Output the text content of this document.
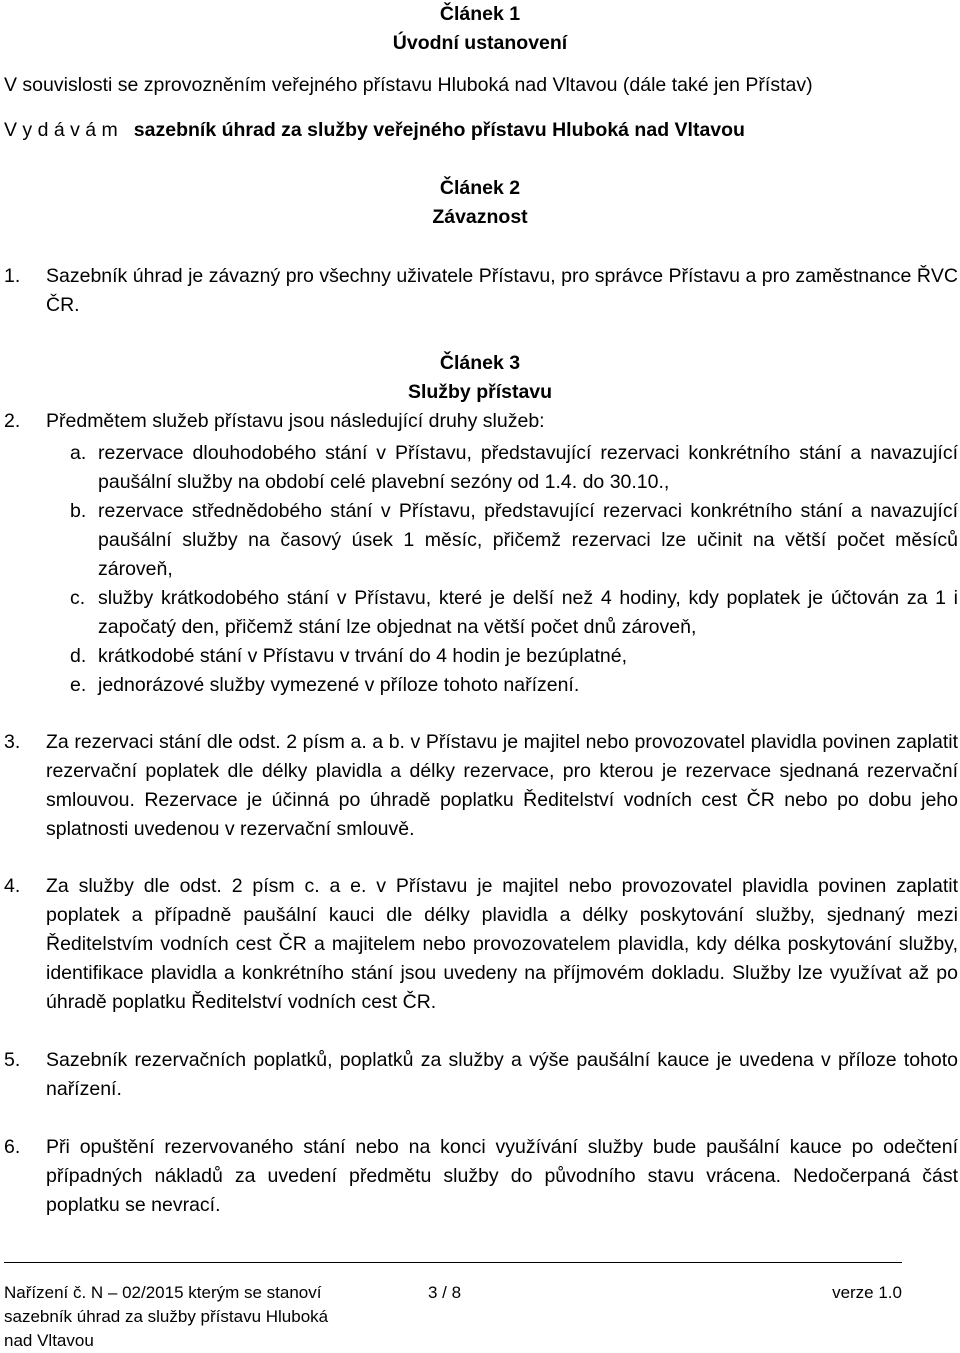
Článek 1

Úvodní ustanovení

V souvislosti se zprovozněním veřejného přístavu Hluboká nad Vltavou (dále také jen Přístav)

V y d á v á m sazebník úhrad za služby veřejného přístavu Hluboká nad Vltavou

Článek 2

Závaznost

1.	Sazebník úhrad je závazný pro všechny uživatele Přístavu, pro správce Přístavu a pro zaměstnance ŘVC ČR.

Článek 3

Služby přístavu

2.	Předmětem služeb přístavu jsou následující druhy služeb:
a. rezervace dlouhodobého stání v Přístavu, představující rezervaci konkrétního stání a navazující paušální služby na období celé plavební sezóny od 1.4. do 30.10.,
b. rezervace střednědobého stání v Přístavu, představující rezervaci konkrétního stání a navazující paušální služby na časový úsek 1 měsíc, přičemž rezervaci lze učinit na větší počet měsíců zároveň,
c. služby krátkodobého stání v Přístavu, které je delší než 4 hodiny, kdy poplatek je účtován za 1 i započatý den, přičemž stání lze objednat na větší počet dnů zároveň,
d. krátkodobé stání v Přístavu v trvání do 4 hodin je bezúplatné,
e. jednorázové služby vymezené v příloze tohoto nařízení.
3.	Za rezervaci stání dle odst. 2 písm a. a b. v Přístavu je majitel nebo provozovatel plavidla povinen zaplatit rezervační poplatek dle délky plavidla a délky rezervace, pro kterou je rezervace sjednaná rezervační smlouvou. Rezervace je účinná po úhradě poplatku Ředitelství vodních cest ČR nebo po dobu jeho splatnosti uvedenou v rezervační smlouvě.
4.	Za služby dle odst. 2 písm c. a e. v Přístavu je majitel nebo provozovatel plavidla povinen zaplatit poplatek a případně paušální kauci dle délky plavidla a délky poskytování služby, sjednaný mezi Ředitelstvím vodních cest ČR a majitelem nebo provozovatelem plavidla, kdy délka poskytování služby, identifikace plavidla a konkrétního stání jsou uvedeny na příjmovém dokladu. Služby lze využívat až po úhradě poplatku Ředitelství vodních cest ČR.
5.	Sazebník rezervačních poplatků, poplatků za služby a výše paušální kauce je uvedena v příloze tohoto nařízení.
6.	Při opuštění rezervovaného stání nebo na konci využívání služby bude paušální kauce po odečtení případných nákladů za uvedení předmětu služby do původního stavu vrácena. Nedočerpaná část poplatku se nevrací.
Nařízení č. N – 02/2015 kterým se stanoví sazebník úhrad za služby přístavu Hluboká nad Vltavou
3 / 8	verze 1.0
